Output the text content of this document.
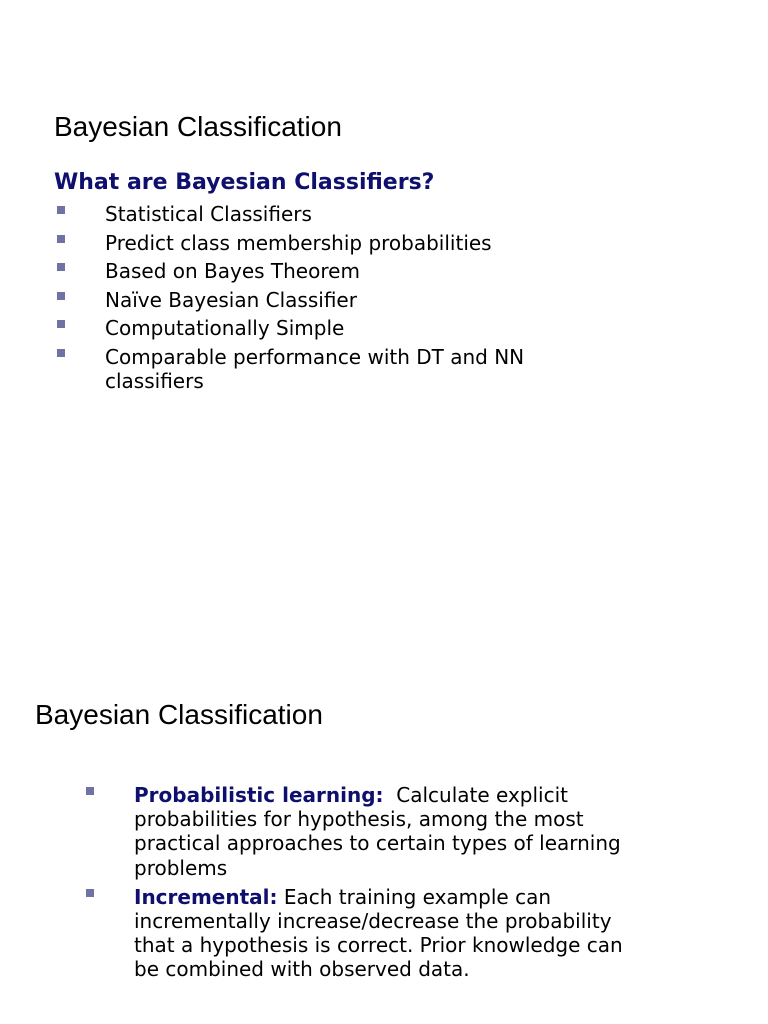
Bayesian Classification
What are Bayesian Classifiers?
Statistical Classifiers
Predict class membership probabilities
Based on Bayes Theorem
Naïve Bayesian Classifier
Computationally Simple
Comparable performance with DT and NN classifiers
Bayesian Classification
Probabilistic learning: Calculate explicit probabilities for hypothesis, among the most practical approaches to certain types of learning problems
Incremental: Each training example can incrementally increase/decrease the probability that a hypothesis is correct. Prior knowledge can be combined with observed data.
